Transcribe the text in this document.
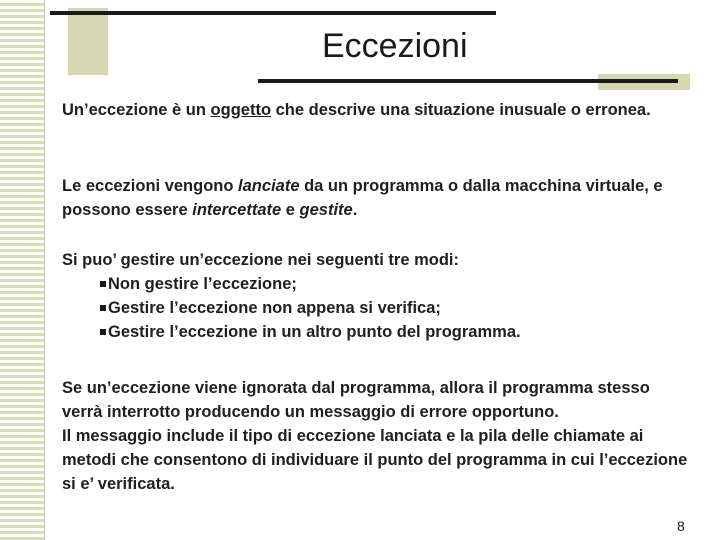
Eccezioni

Un’eccezione è un oggetto che descrive una situazione inusuale o erronea.

Le eccezioni vengono lanciate da un programma o dalla macchina virtuale, e possono essere intercettate e gestite.

Si puo’ gestire un’eccezione nei seguenti tre modi:

Non gestire l’eccezione;
Gestire l’eccezione non appena si verifica;
Gestire l’eccezione in un altro punto del programma.

Se un’eccezione viene ignorata dal programma, allora il programma stesso verrà interrotto producendo un messaggio di errore opportuno.

Il messaggio include il tipo di eccezione lanciata e la pila delle chiamate ai metodi che consentono di individuare il punto del programma in cui l’eccezione si e’ verificata.

8
